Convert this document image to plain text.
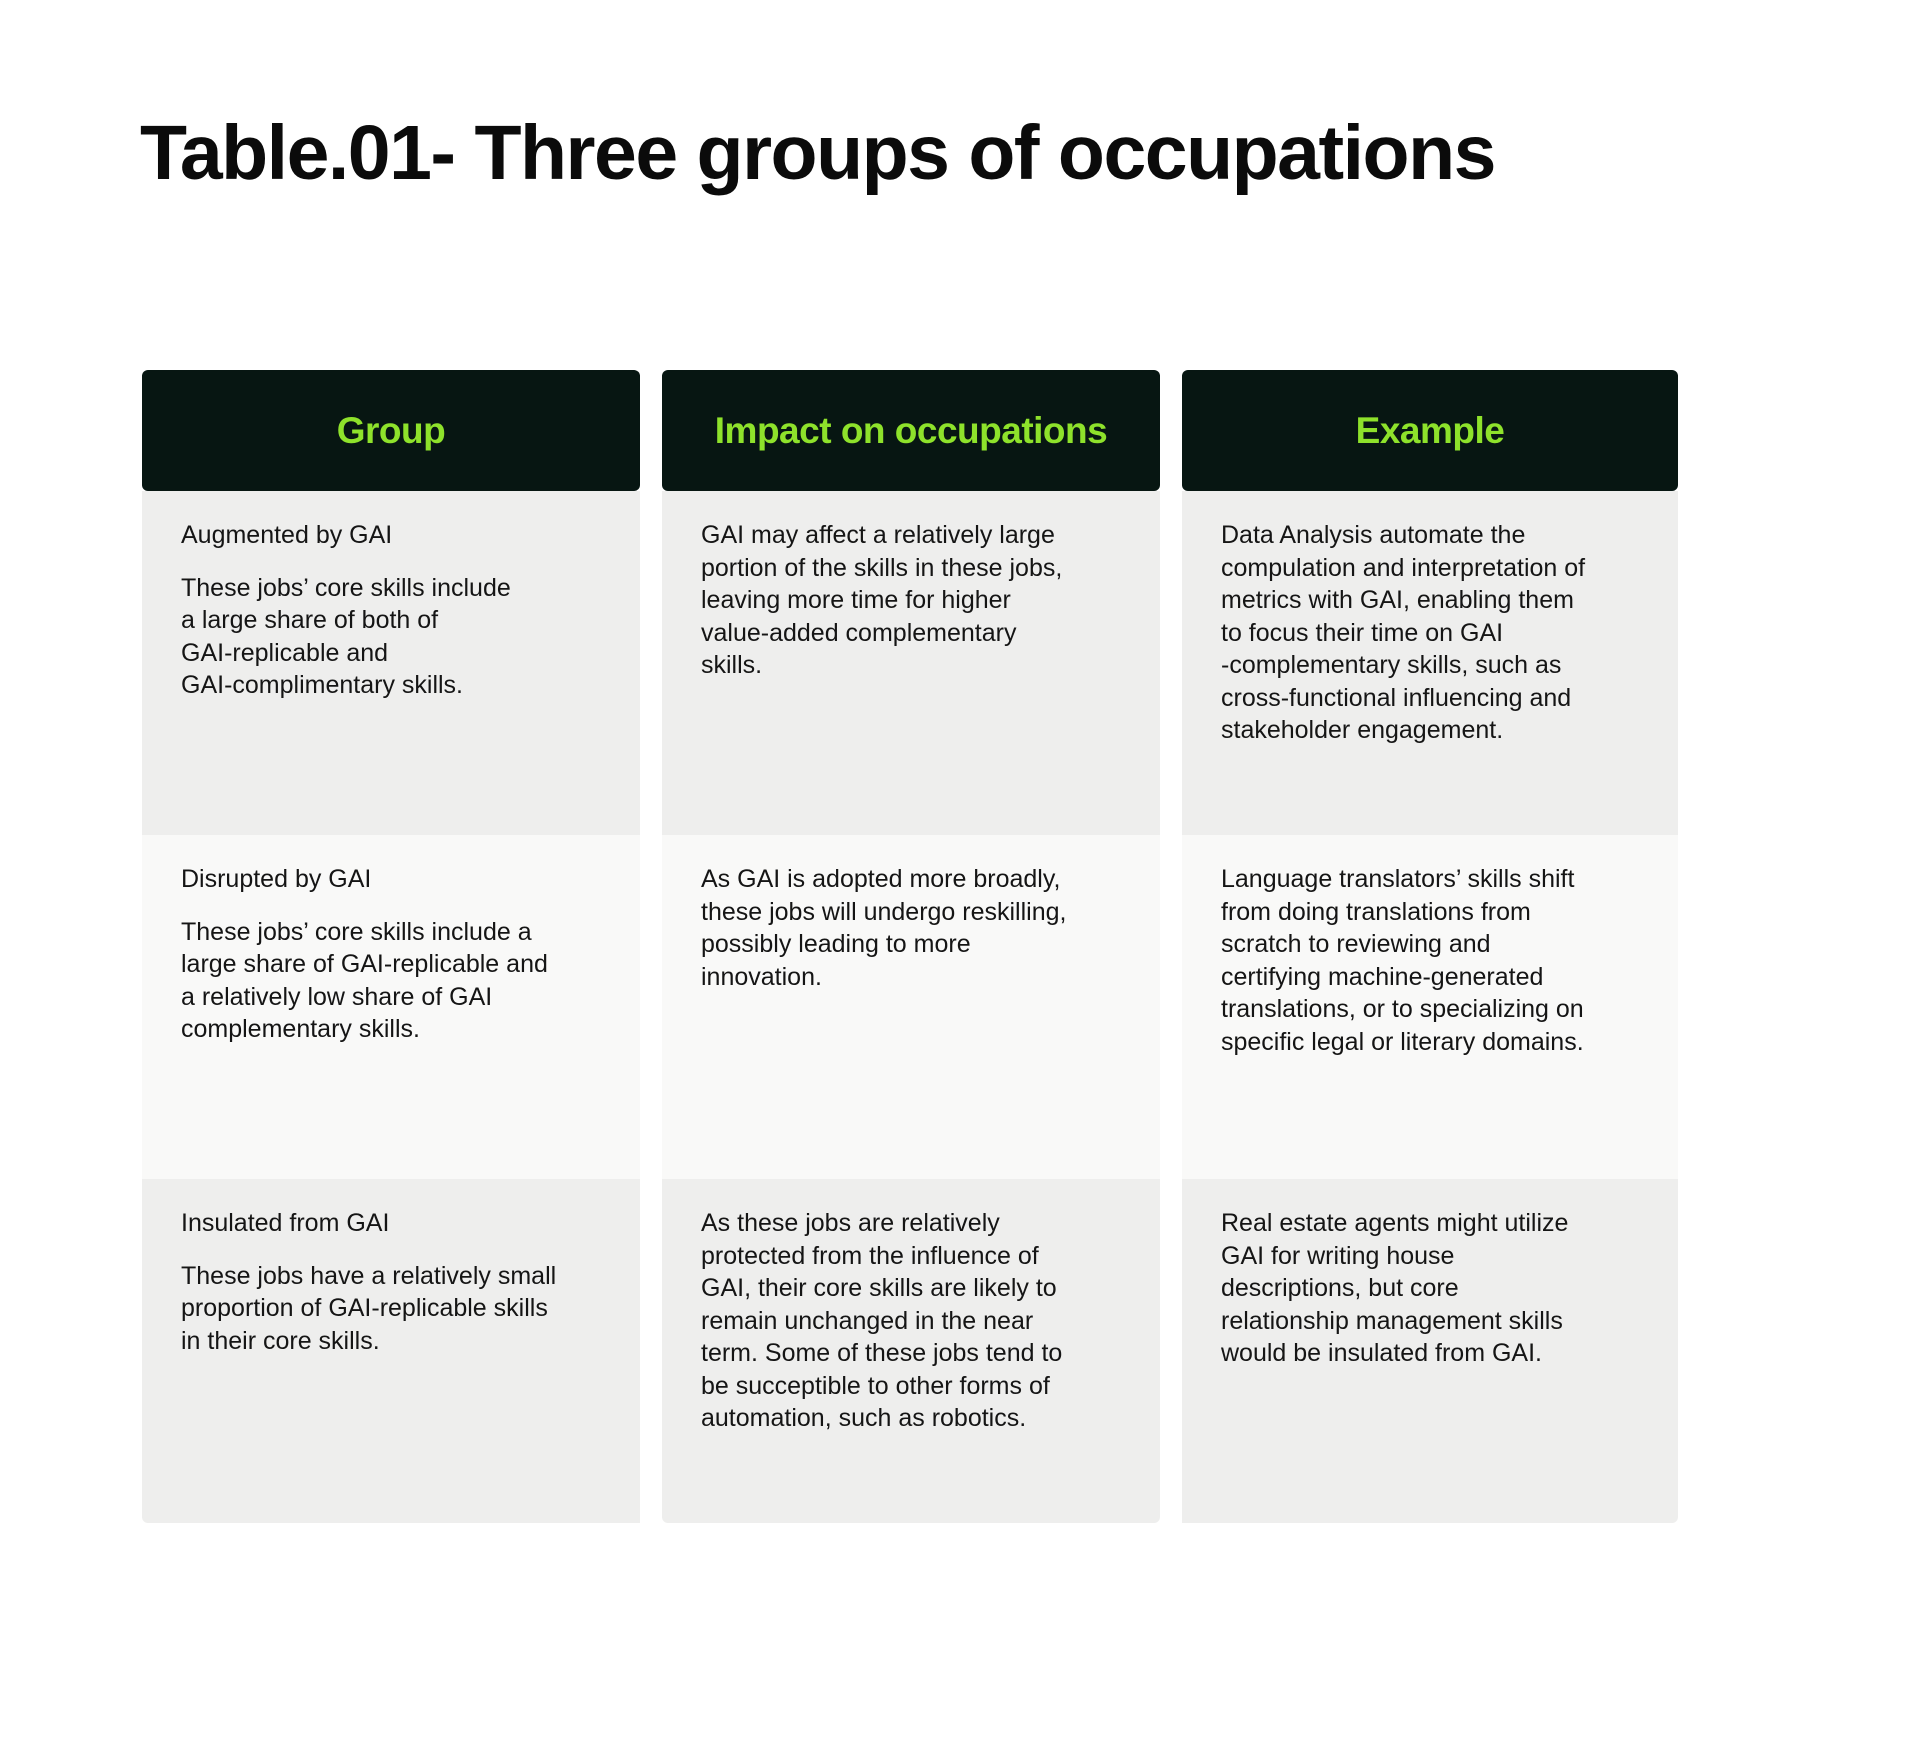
Table.01- Three groups of occupations
Group	Impact on occupations	Example
Augmented by GAI
These jobs’ core skills include
a large share of both of
GAI-replicable and
GAI-complimentary skills.
GAI may affect a relatively large
portion of the skills in these jobs,
leaving more time for higher
value-added complementary
skills.
Data Analysis automate the
compulation and interpretation of
metrics with GAI, enabling them
to focus their time on GAI
-complementary skills, such as
cross-functional influencing and
stakeholder engagement.
Disrupted by GAI
These jobs’ core skills include a
large share of GAI-replicable and
a relatively low share of GAI
complementary skills.
As GAI is adopted more broadly,
these jobs will undergo reskilling,
possibly leading to more
innovation.
Language translators’ skills shift
from doing translations from
scratch to reviewing and
certifying machine-generated
translations, or to specializing on
specific legal or literary domains.
Insulated from GAI
These jobs have a relatively small
proportion of GAI-replicable skills
in their core skills.
As these jobs are relatively
protected from the influence of
GAI, their core skills are likely to
remain unchanged in the near
term. Some of these jobs tend to
be succeptible to other forms of
automation, such as robotics.
Real estate agents might utilize
GAI for writing house
descriptions, but core
relationship management skills
would be insulated from GAI.
